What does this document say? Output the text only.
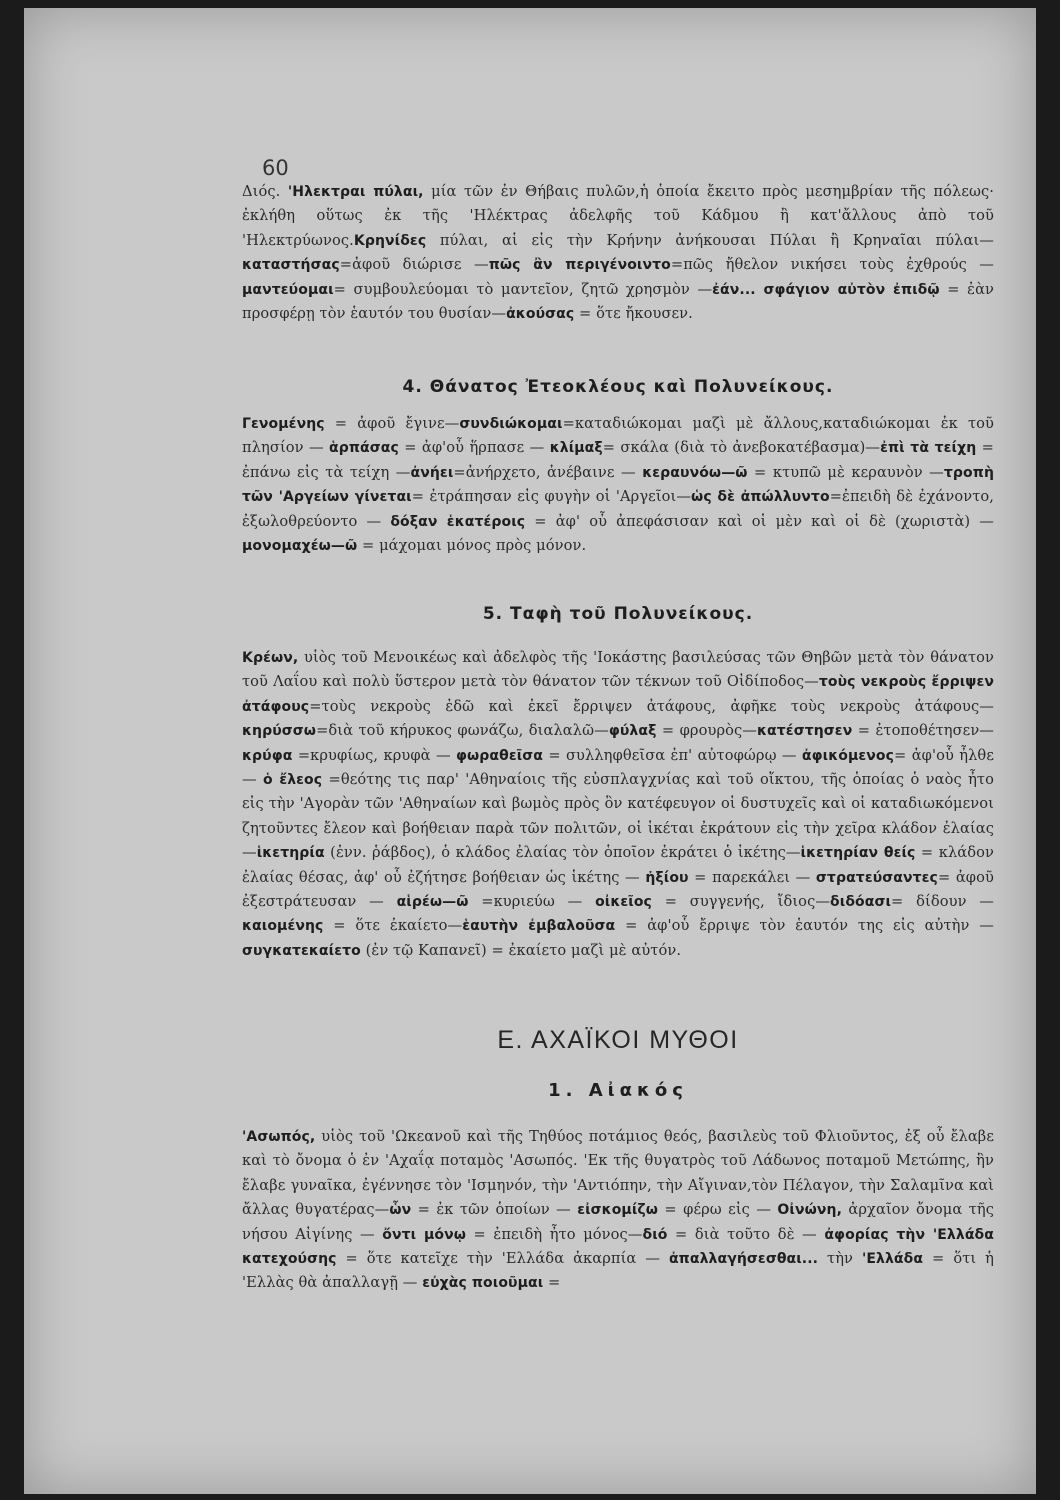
60

Διός. 'Ηλεκτραι πύλαι, μία τῶν ἐν Θήβαις πυλῶν,ἡ ὁποία ἔκειτο πρὸς μεσημβρίαν τῆς πόλεως· ἐκλήθη οὕτως ἐκ τῆς 'Ηλέκτρας ἀδελφῆς τοῦ Κάδμου ἢ κατ'ἄλλους ἀπὸ τοῦ 'Ηλεκτρύωνος.Κρηνίδες πύλαι, αἱ εἰς τὴν Κρήνην ἀνήκουσαι Πύλαι ἢ Κρηναῖαι πύλαι—καταστήσας=ἀφοῦ διώρισε —πῶς ἂν περιγένοιντο=πῶς ἤθελον νικήσει τοὺς ἐχθρούς — μαντεύομαι= συμβουλεύομαι τὸ μαντεῖον, ζητῶ χρησμὸν —ἐάν... σφάγιον αὐτὸν ἐπιδῷ = ἐὰν προσφέρῃ τὸν ἑαυτόν του θυσίαν—ἀκούσας = ὅτε ἤκουσεν.

4. Θάνατος Ἐτεοκλέους καὶ Πολυνείκους.

Γενομένης = ἀφοῦ ἔγινε—συνδιώκομαι=καταδιώκομαι μαζὶ μὲ ἄλλους,καταδιώκομαι ἐκ τοῦ πλησίον — ἁρπάσας = ἀφ'οὗ ἥρπασε — κλίμαξ= σκάλα (διὰ τὸ ἀνεβοκατέβασμα)—ἐπὶ τὰ τείχη = ἐπάνω εἰς τὰ τείχη —ἀνήει=ἀνήρχετο, ἀνέβαινε — κεραυνόω—ῶ = κτυπῶ μὲ κεραυνὸν —τροπὴ τῶν 'Αργείων γίνεται= ἐτράπησαν εἰς φυγὴν οἱ 'Αργεῖοι—ὡς δὲ ἀπώλλυντο=ἐπειδὴ δὲ ἐχάνοντο, ἐξωλοθρεύοντο — δόξαν ἑκατέροις = ἀφ' οὗ ἀπεφάσισαν καὶ οἱ μὲν καὶ οἱ δὲ (χωριστὰ) — μονομαχέω—ῶ = μάχομαι μόνος πρὸς μόνον.

5. Ταφὴ τοῦ Πολυνείκους.

Κρέων, υἱὸς τοῦ Μενοικέως καὶ ἀδελφὸς τῆς 'Ιοκάστης βασιλεύσας τῶν Θηβῶν μετὰ τὸν θάνατον τοῦ Λαΐου καὶ πολὺ ὕστερον μετὰ τὸν θάνατον τῶν τέκνων τοῦ Οἰδίποδος—τοὺς νεκροὺς ἔρριψεν ἀτάφους=τοὺς νεκροὺς ἐδῶ καὶ ἐκεῖ ἔρριψεν ἀτάφους, ἀφῆκε τοὺς νεκροὺς ἀτάφους— κηρύσσω=διὰ τοῦ κήρυκος φωνάζω, διαλαλῶ—φύλαξ = φρουρὸς—κατέστησεν = ἐτοποθέτησεν—κρύφα =κρυφίως, κρυφὰ — φωραθεῖσα = συλληφθεῖσα ἐπ' αὐτοφώρῳ — ἀφικόμενος= ἀφ'οὗ ἦλθε— ὁ ἔλεος =θεότης τις παρ' 'Αθηναίοις τῆς εὐσπλαγχνίας καὶ τοῦ οἴκτου, τῆς ὁποίας ὁ ναὸς ἦτο εἰς τὴν 'Αγορὰν τῶν 'Αθηναίων καὶ βωμὸς πρὸς ὃν κατέφευγον οἱ δυστυχεῖς καὶ οἱ καταδιωκόμενοι ζητοῦντες ἔλεον καὶ βοήθειαν παρὰ τῶν πολιτῶν, οἱ ἱκέται ἐκράτουν εἰς τὴν χεῖρα κλάδον ἐλαίας—ἱκετηρία (ἐνν. ῥάβδος), ὁ κλάδος ἐλαίας τὸν ὁποῖον ἐκράτει ὁ ἱκέτης—ἱκετηρίαν θείς = κλάδον ἐλαίας θέσας, ἀφ' οὗ ἐζήτησε βοήθειαν ὡς ἱκέτης — ἠξίου = παρεκάλει — στρατεύσαντες= ἀφοῦ ἐξεστράτευσαν — αἱρέω—ῶ =κυριεύω — οἰκεῖος = συγγενής, ἴδιος—διδόασι= δίδουν —καιομένης = ὅτε ἐκαίετο—ἑαυτὴν ἐμβαλοῦσα = ἀφ'οὗ ἔρριψε τὸν ἑαυτόν της εἰς αὐτὴν — συγκατεκαίετο (ἐν τῷ Καπανεῖ) = ἐκαίετο μαζὶ μὲ αὐτόν.

Ε. ΑΧΑΪΚΟΙ ΜΥΘΟΙ
1. Αἰακός

'Ασωπός, υἱὸς τοῦ 'Ωκεανοῦ καὶ τῆς Τηθύος ποτάμιος θεός, βασιλεὺς τοῦ Φλιοῦντος, ἐξ οὗ ἔλαβε καὶ τὸ ὄνομα ὁ ἐν 'Αχαΐᾳ ποταμὸς 'Ασωπός. 'Εκ τῆς θυγατρὸς τοῦ Λάδωνος ποταμοῦ Μετώπης, ἣν ἔλαβε γυναῖκα, ἐγέννησε τὸν 'Ισμηνόν, τὴν 'Αντιόπην, τὴν Αἴγιναν,τὸν Πέλαγον, τὴν Σαλαμῖνα καὶ ἄλλας θυγατέρας—ὧν = ἐκ τῶν ὁποίων — εἰσκομίζω = φέρω εἰς — Οἰνώνη, ἀρχαῖον ὄνομα τῆς νήσου Αἰγίνης — ὄντι μόνῳ = ἐπειδὴ ἦτο μόνος—διό = διὰ τοῦτο δὲ — ἀφορίας τὴν 'Ελλάδα κατεχούσης = ὅτε κατεῖχε τὴν 'Ελλάδα ἀκαρπία — ἀπαλλαγήσεσθαι... τὴν 'Ελλάδα = ὅτι ἡ 'Ελλὰς θὰ ἀπαλλαγῇ — εὐχὰς ποιοῦμαι =
